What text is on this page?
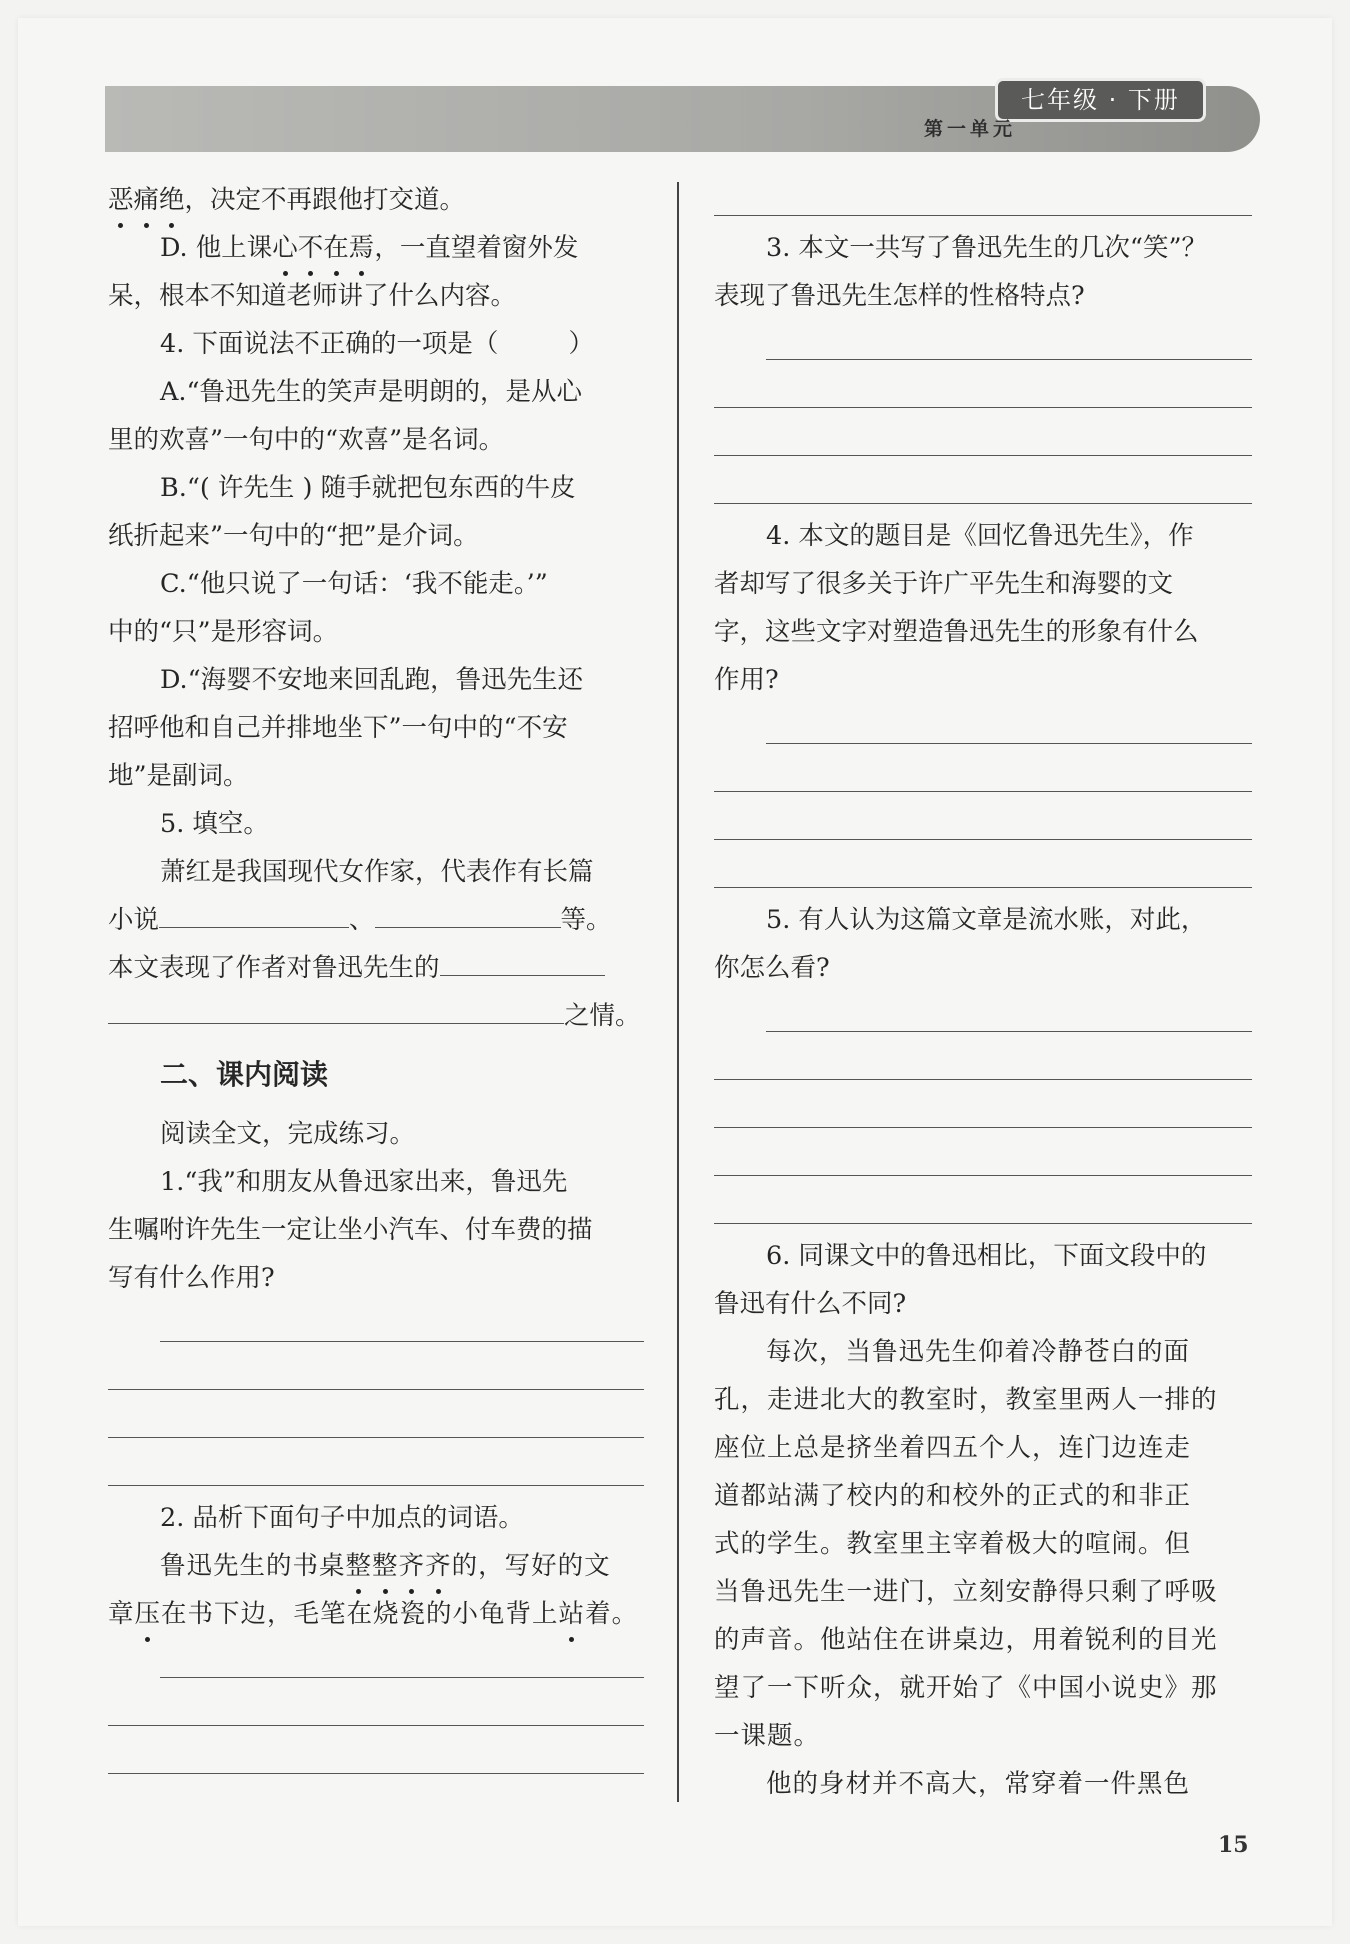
七年级 · 下册
第一单元
恶痛绝，决定不再跟他打交道。
D. 他上课心不在焉，一直望着窗外发
呆，根本不知道老师讲了什么内容。
4. 下面说法不正确的一项是（	）
A.“鲁迅先生的笑声是明朗的，是从心
里的欢喜”一句中的“欢喜”是名词。
B.“( 许先生 ) 随手就把包东西的牛皮
纸折起来”一句中的“把”是介词。
C.“他只说了一句话：‘我不能走。’”
中的“只”是形容词。
D.“海婴不安地来回乱跑，鲁迅先生还
招呼他和自己并排地坐下”一句中的“不安
地”是副词。
5. 填空。
萧红是我国现代女作家，代表作有长篇
小说	、	等。
本文表现了作者对鲁迅先生的
之情。
二、课内阅读
阅读全文，完成练习。
1.“我”和朋友从鲁迅家出来，鲁迅先
生嘱咐许先生一定让坐小汽车、付车费的描
写有什么作用?
2. 品析下面句子中加点的词语。
鲁迅先生的书桌整整齐齐的，写好的文
章压在书下边，毛笔在烧瓷的小龟背上站着。
3. 本文一共写了鲁迅先生的几次“笑”？
表现了鲁迅先生怎样的性格特点?
4. 本文的题目是《回忆鲁迅先生》，作
者却写了很多关于许广平先生和海婴的文
字，这些文字对塑造鲁迅先生的形象有什么
作用?
5. 有人认为这篇文章是流水账，对此，
你怎么看?
6. 同课文中的鲁迅相比，下面文段中的
鲁迅有什么不同?
每次，当鲁迅先生仰着冷静苍白的面
孔，走进北大的教室时，教室里两人一排的
座位上总是挤坐着四五个人，连门边连走
道都站满了校内的和校外的正式的和非正
式的学生。教室里主宰着极大的喧闹。但
当鲁迅先生一进门，立刻安静得只剩了呼吸
的声音。他站住在讲桌边，用着锐利的目光
望了一下听众，就开始了《中国小说史》那
一课题。
他的身材并不高大，常穿着一件黑色
15
